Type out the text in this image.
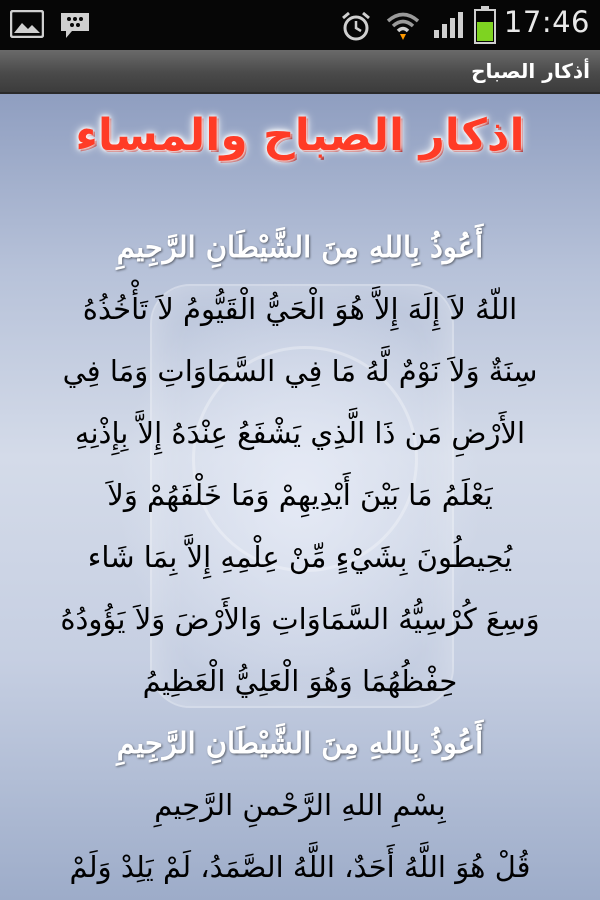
17:46
أذكار الصباح
اذكار الصباح والمساء
أَعُوذُ بِاللهِ مِنَ الشَّيْطَانِ الرَّجِيمِ
اللّهُ لاَ إِلَهَ إِلاَّ هُوَ الْحَيُّ الْقَيُّومُ لاَ تَأْخُذُهُ
سِنَةٌ وَلاَ نَوْمٌ لَّهُ مَا فِي السَّمَاوَاتِ وَمَا فِي
الأَرْضِ مَن ذَا الَّذِي يَشْفَعُ عِنْدَهُ إِلاَّ بِإِذْنِهِ
يَعْلَمُ مَا بَيْنَ أَيْدِيهِمْ وَمَا خَلْفَهُمْ وَلاَ
يُحِيطُونَ بِشَيْءٍ مِّنْ عِلْمِهِ إِلاَّ بِمَا شَاء
وَسِعَ كُرْسِيُّهُ السَّمَاوَاتِ وَالأَرْضَ وَلاَ يَؤُودُهُ
حِفْظُهُمَا وَهُوَ الْعَلِيُّ الْعَظِيمُ
أَعُوذُ بِاللهِ مِنَ الشَّيْطَانِ الرَّجِيمِ
بِسْمِ اللهِ الرَّحْمنِ الرَّحِيمِ
قُلْ هُوَ اللَّهُ أَحَدٌ، اللَّهُ الصَّمَدُ، لَمْ يَلِدْ وَلَمْ
